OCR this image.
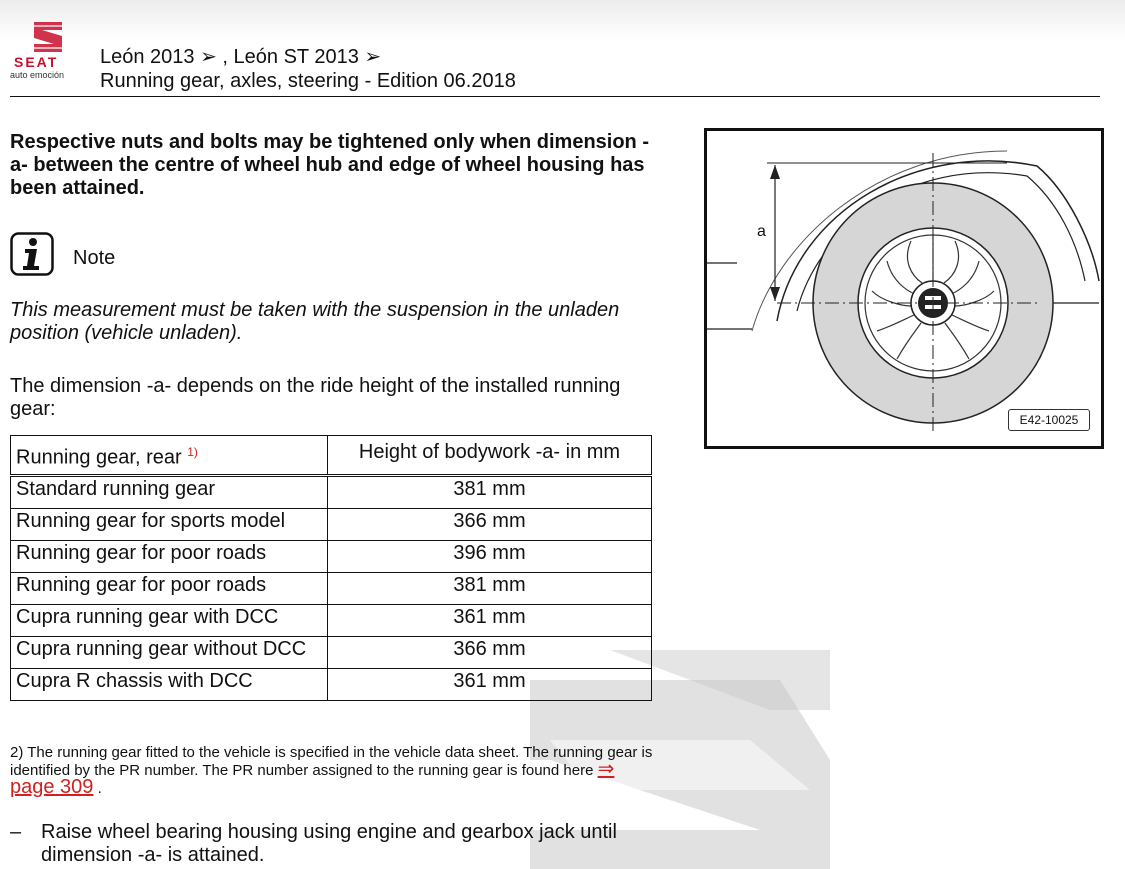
SEAT
auto emoción
León 2013 ➢ , León ST 2013 ➢
Running gear, axles, steering - Edition 06.2018

Respective nuts and bolts may be tightened only when dimension -a- between the centre of wheel hub and edge of wheel housing has been attained.

Note

This measurement must be taken with the suspension in the unladen position (vehicle unladen).

The dimension -a- depends on the ride height of the installed running gear:

Running gear, rear $^{1)}$	Height of bodywork -a- in mm
Standard running gear	381 mm
Running gear for sports model	366 mm
Running gear for poor roads	396 mm
Running gear for poor roads	381 mm
Cupra running gear with DCC	361 mm
Cupra running gear without DCC	366 mm
Cupra R chassis with DCC	361 mm

2) The running gear fitted to the vehicle is specified in the vehicle data sheet. The running gear is identified by the PR number. The PR number assigned to the running gear is found here ⇒ page 309 .

– Raise wheel bearing housing using engine and gearbox jack until dimension -a- is attained.
a
E42-10025
